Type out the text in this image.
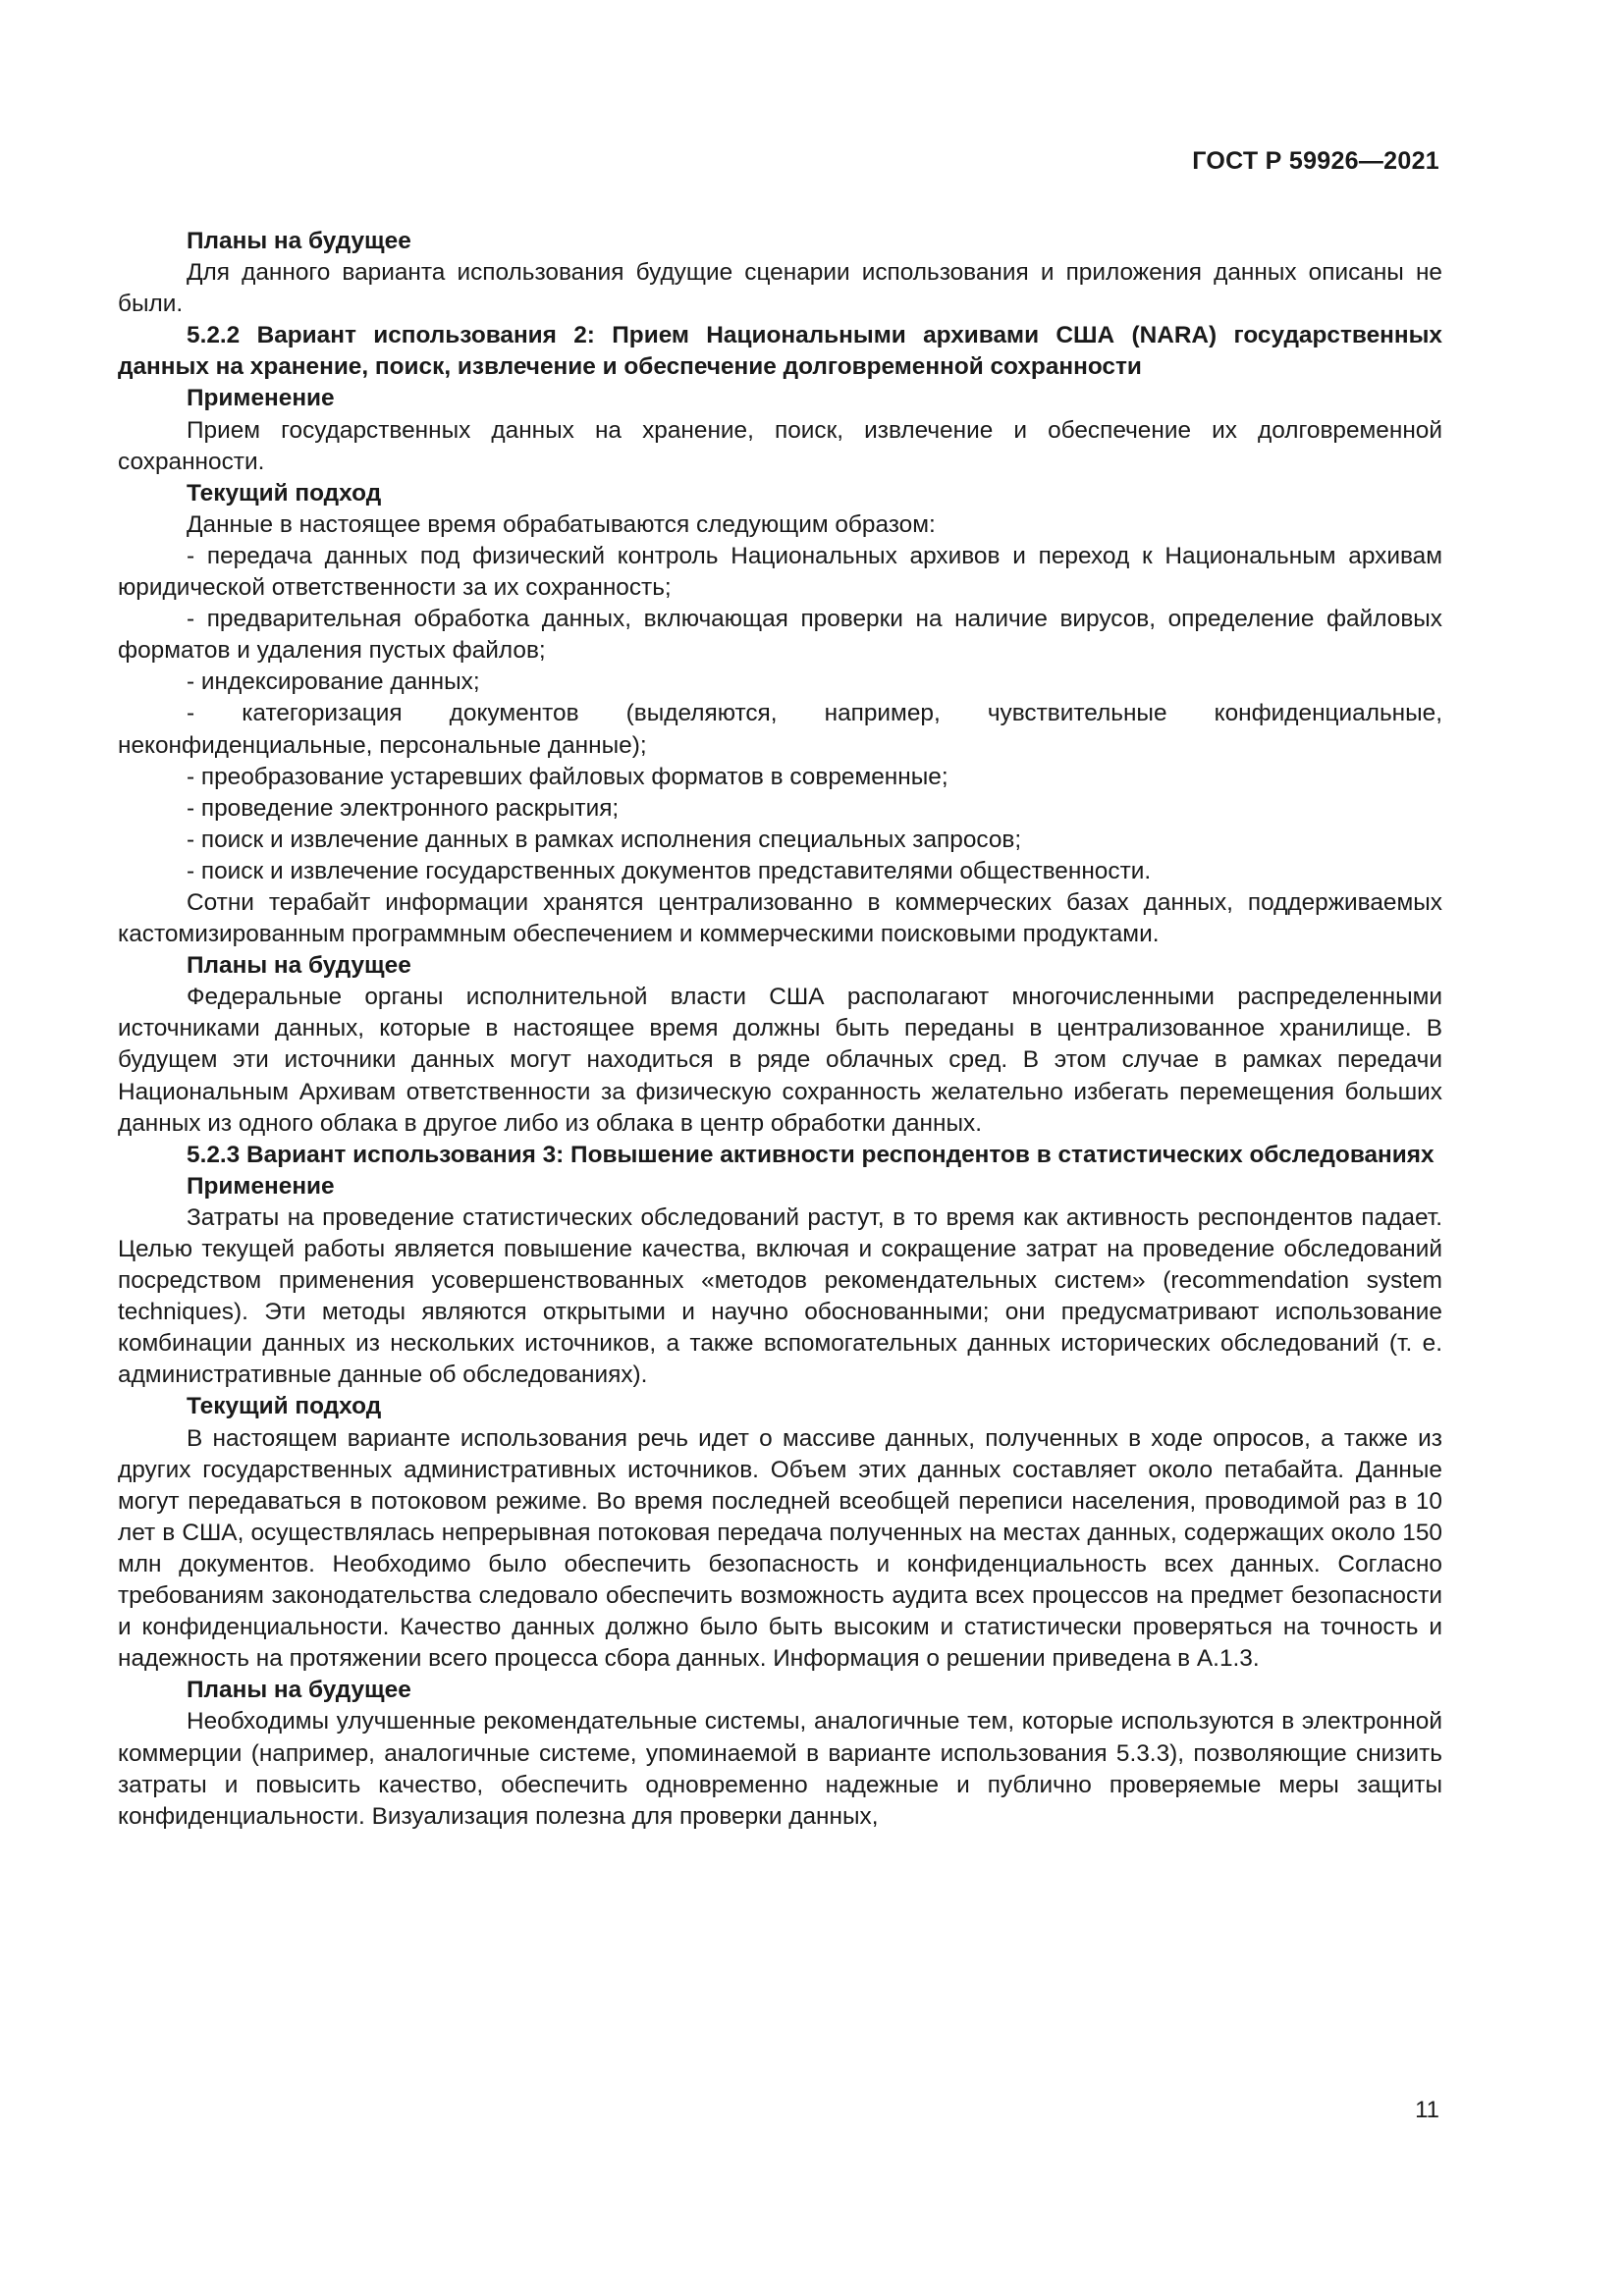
ГОСТ Р 59926—2021

Планы на будущее

Для данного варианта использования будущие сценарии использования и приложения данных описаны не были.

5.2.2 Вариант использования 2: Прием Национальными архивами США (NARA) государственных данных на хранение, поиск, извлечение и обеспечение долговременной сохранности

Применение

Прием государственных данных на хранение, поиск, извлечение и обеспечение их долговременной сохранности.

Текущий подход

Данные в настоящее время обрабатываются следующим образом:

- передача данных под физический контроль Национальных архивов и переход к Национальным архивам юридической ответственности за их сохранность;

- предварительная обработка данных, включающая проверки на наличие вирусов, определение файловых форматов и удаления пустых файлов;

- индексирование данных;

- категоризация документов (выделяются, например, чувствительные конфиденциальные, неконфиденциальные, персональные данные);

- преобразование устаревших файловых форматов в современные;

- проведение электронного раскрытия;

- поиск и извлечение данных в рамках исполнения специальных запросов;

- поиск и извлечение государственных документов представителями общественности.

Сотни терабайт информации хранятся централизованно в коммерческих базах данных, поддерживаемых кастомизированным программным обеспечением и коммерческими поисковыми продуктами.

Планы на будущее

Федеральные органы исполнительной власти США располагают многочисленными распределенными источниками данных, которые в настоящее время должны быть переданы в централизованное хранилище. В будущем эти источники данных могут находиться в ряде облачных сред. В этом случае в рамках передачи Национальным Архивам ответственности за физическую сохранность желательно избегать перемещения больших данных из одного облака в другое либо из облака в центр обработки данных.

5.2.3 Вариант использования 3: Повышение активности респондентов в статистических обследованиях

Применение

Затраты на проведение статистических обследований растут, в то время как активность респондентов падает. Целью текущей работы является повышение качества, включая и сокращение затрат на проведение обследований посредством применения усовершенствованных «методов рекомендательных систем» (recommendation system techniques). Эти методы являются открытыми и научно обоснованными; они предусматривают использование комбинации данных из нескольких источников, а также вспомогательных данных исторических обследований (т. е. административные данные об обследованиях).

Текущий подход

В настоящем варианте использования речь идет о массиве данных, полученных в ходе опросов, а также из других государственных административных источников. Объем этих данных составляет около петабайта. Данные могут передаваться в потоковом режиме. Во время последней всеобщей переписи населения, проводимой раз в 10 лет в США, осуществлялась непрерывная потоковая передача полученных на местах данных, содержащих около 150 млн документов. Необходимо было обеспечить безопасность и конфиденциальность всех данных. Согласно требованиям законодательства следовало обеспечить возможность аудита всех процессов на предмет безопасности и конфиденциальности. Качество данных должно было быть высоким и статистически проверяться на точность и надежность на протяжении всего процесса сбора данных. Информация о решении приведена в А.1.3.

Планы на будущее

Необходимы улучшенные рекомендательные системы, аналогичные тем, которые используются в электронной коммерции (например, аналогичные системе, упоминаемой в варианте использования 5.3.3), позволяющие снизить затраты и повысить качество, обеспечить одновременно надежные и публично проверяемые меры защиты конфиденциальности. Визуализация полезна для проверки данных,

11
